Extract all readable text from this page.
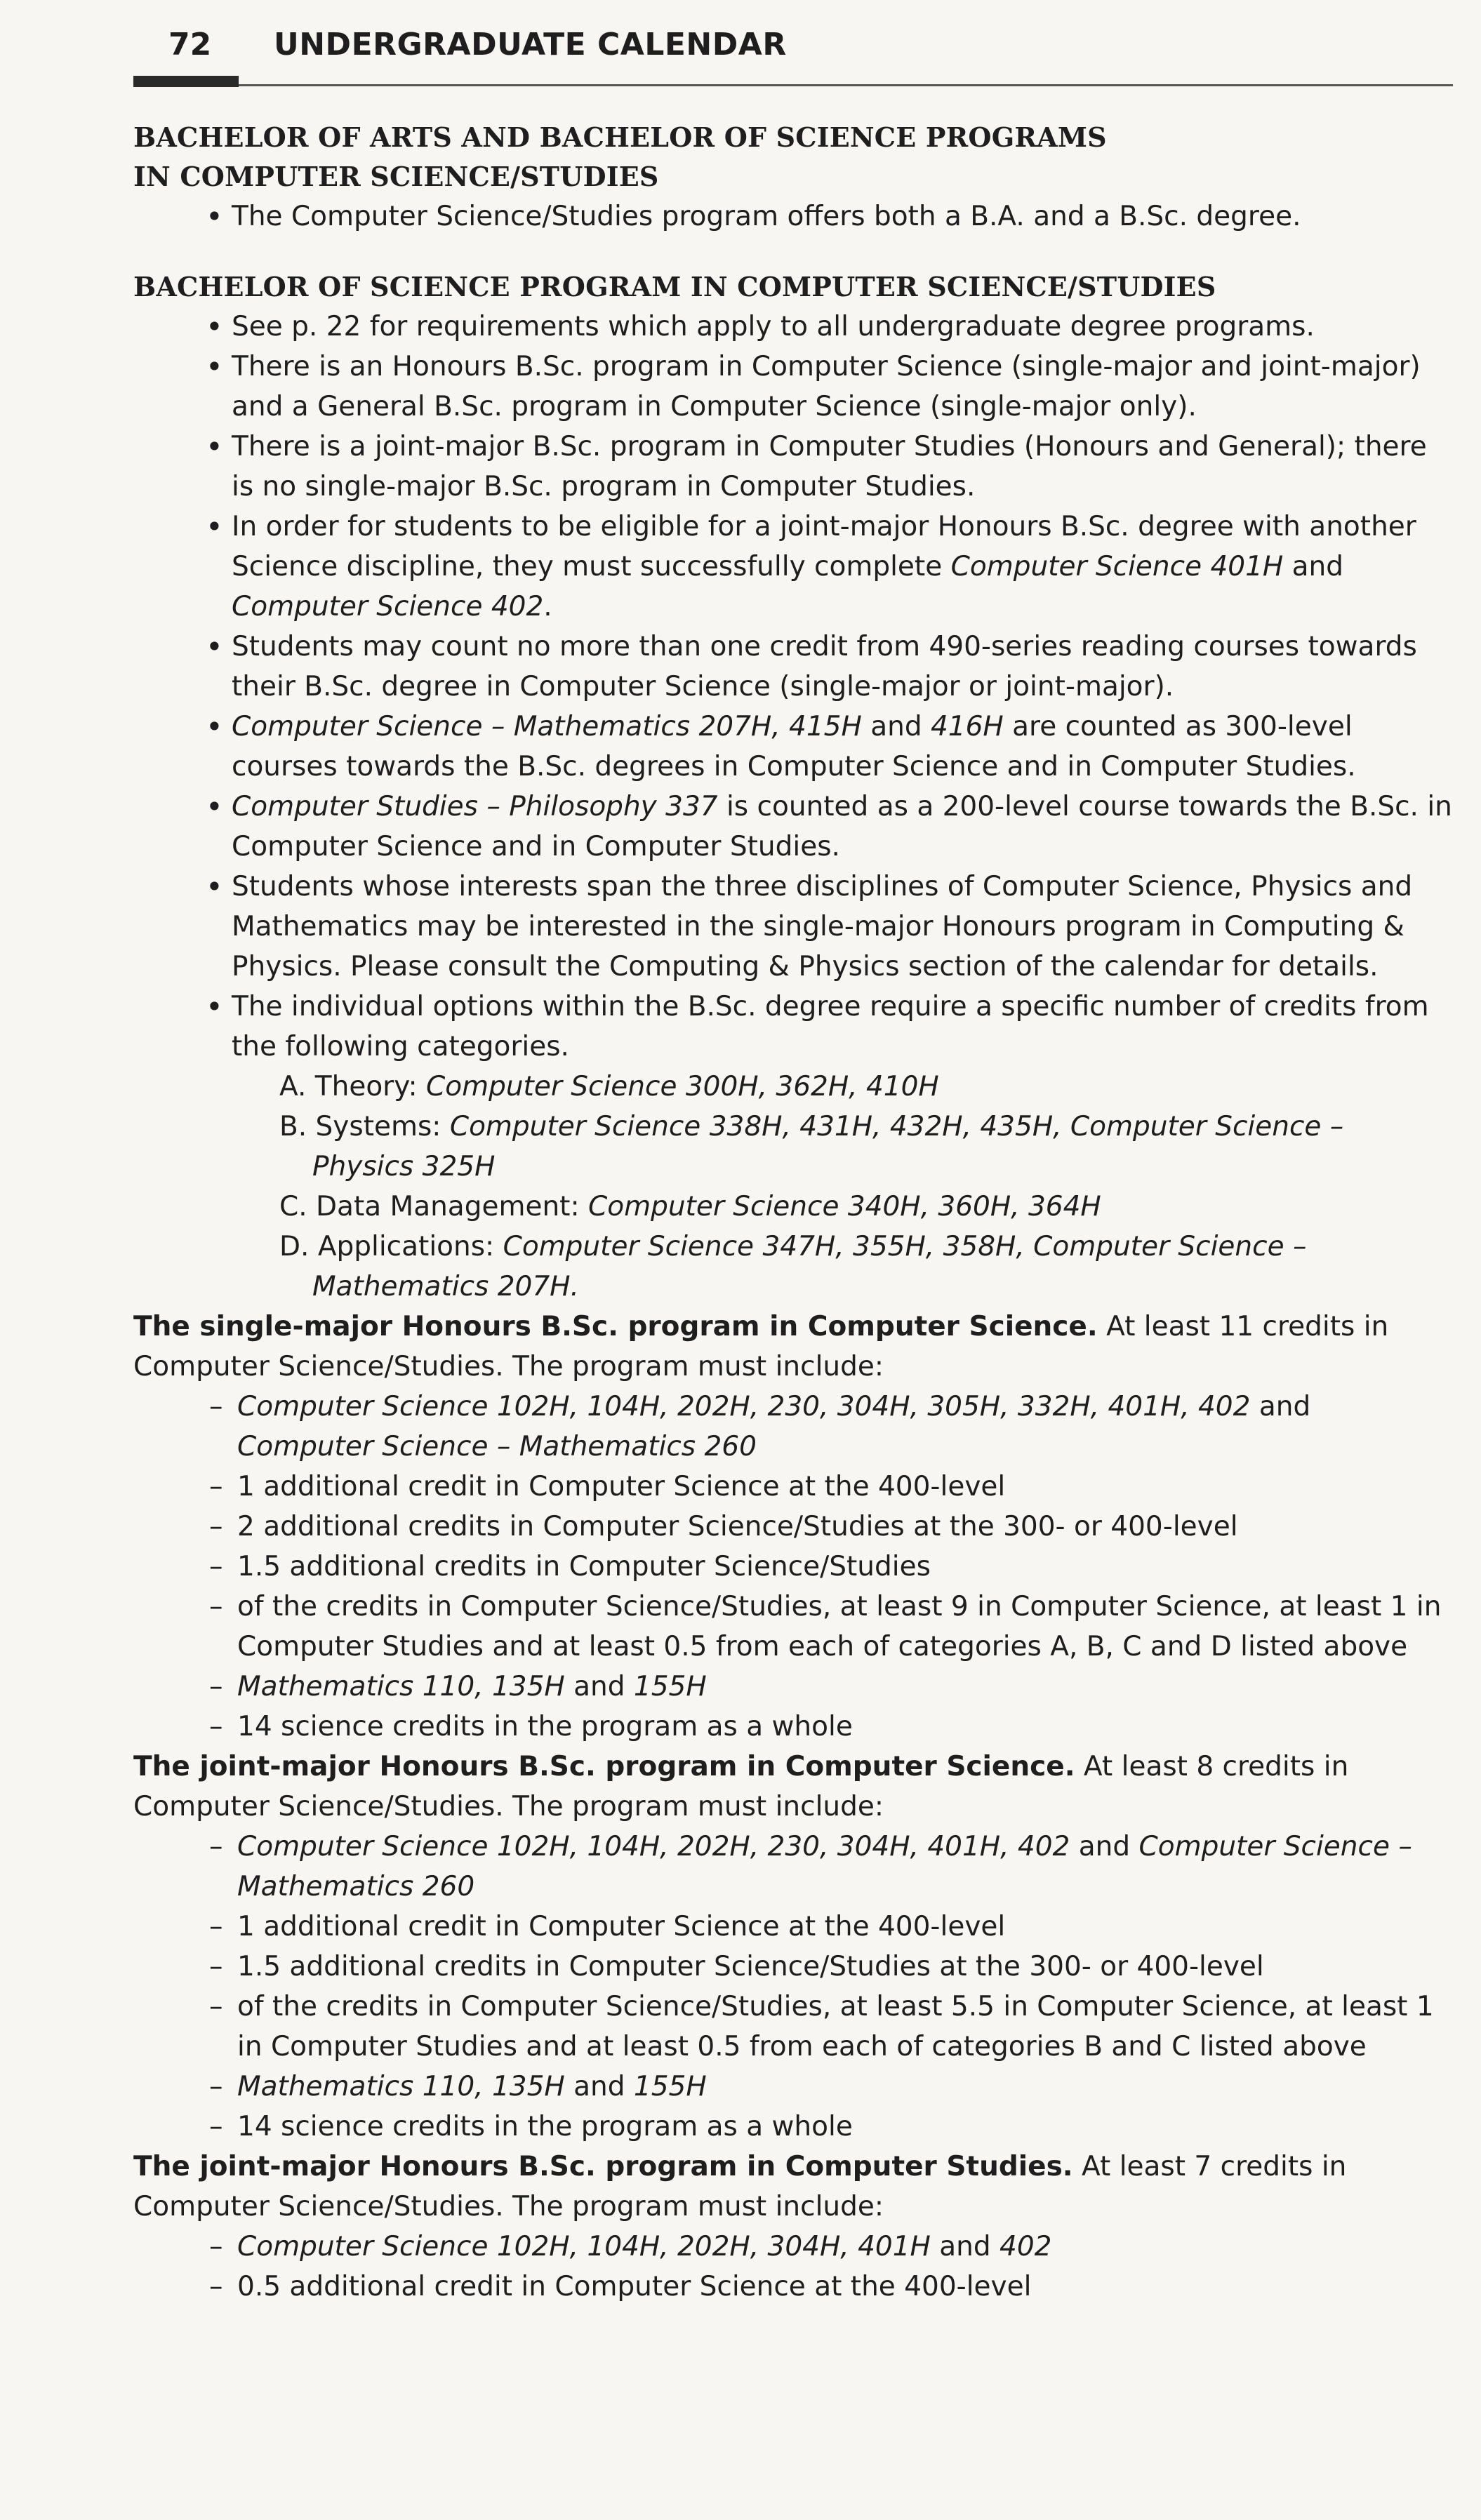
72 UNDERGRADUATE CALENDAR

BACHELOR OF ARTS AND BACHELOR OF SCIENCE PROGRAMS
IN COMPUTER SCIENCE/STUDIES

• The Computer Science/Studies program offers both a B.A. and a B.Sc. degree.

BACHELOR OF SCIENCE PROGRAM IN COMPUTER SCIENCE/STUDIES

• See p. 22 for requirements which apply to all undergraduate degree programs.
• There is an Honours B.Sc. program in Computer Science (single-major and joint-major) and a General B.Sc. program in Computer Science (single-major only).
• There is a joint-major B.Sc. program in Computer Studies (Honours and General); there is no single-major B.Sc. program in Computer Studies.
• In order for students to be eligible for a joint-major Honours B.Sc. degree with another Science discipline, they must successfully complete Computer Science 401H and Computer Science 402.
• Students may count no more than one credit from 490-series reading courses towards their B.Sc. degree in Computer Science (single-major or joint-major).
• Computer Science – Mathematics 207H, 415H and 416H are counted as 300-level courses towards the B.Sc. degrees in Computer Science and in Computer Studies.
• Computer Studies – Philosophy 337 is counted as a 200-level course towards the B.Sc. in Computer Science and in Computer Studies.
• Students whose interests span the three disciplines of Computer Science, Physics and Mathematics may be interested in the single-major Honours program in Computing & Physics. Please consult the Computing & Physics section of the calendar for details.
• The individual options within the B.Sc. degree require a specific number of credits from the following categories.
A. Theory: Computer Science 300H, 362H, 410H
B. Systems: Computer Science 338H, 431H, 432H, 435H, Computer Science – Physics 325H
C. Data Management: Computer Science 340H, 360H, 364H
D. Applications: Computer Science 347H, 355H, 358H, Computer Science – Mathematics 207H.

The single-major Honours B.Sc. program in Computer Science. At least 11 credits in Computer Science/Studies. The program must include:

– Computer Science 102H, 104H, 202H, 230, 304H, 305H, 332H, 401H, 402 and Computer Science – Mathematics 260
– 1 additional credit in Computer Science at the 400-level
– 2 additional credits in Computer Science/Studies at the 300- or 400-level
– 1.5 additional credits in Computer Science/Studies
– of the credits in Computer Science/Studies, at least 9 in Computer Science, at least 1 in Computer Studies and at least 0.5 from each of categories A, B, C and D listed above
– Mathematics 110, 135H and 155H
– 14 science credits in the program as a whole

The joint-major Honours B.Sc. program in Computer Science. At least 8 credits in Computer Science/Studies. The program must include:

– Computer Science 102H, 104H, 202H, 230, 304H, 401H, 402 and Computer Science – Mathematics 260
– 1 additional credit in Computer Science at the 400-level
– 1.5 additional credits in Computer Science/Studies at the 300- or 400-level
– of the credits in Computer Science/Studies, at least 5.5 in Computer Science, at least 1 in Computer Studies and at least 0.5 from each of categories B and C listed above
– Mathematics 110, 135H and 155H
– 14 science credits in the program as a whole

The joint-major Honours B.Sc. program in Computer Studies. At least 7 credits in Computer Science/Studies. The program must include:

– Computer Science 102H, 104H, 202H, 304H, 401H and 402
– 0.5 additional credit in Computer Science at the 400-level
